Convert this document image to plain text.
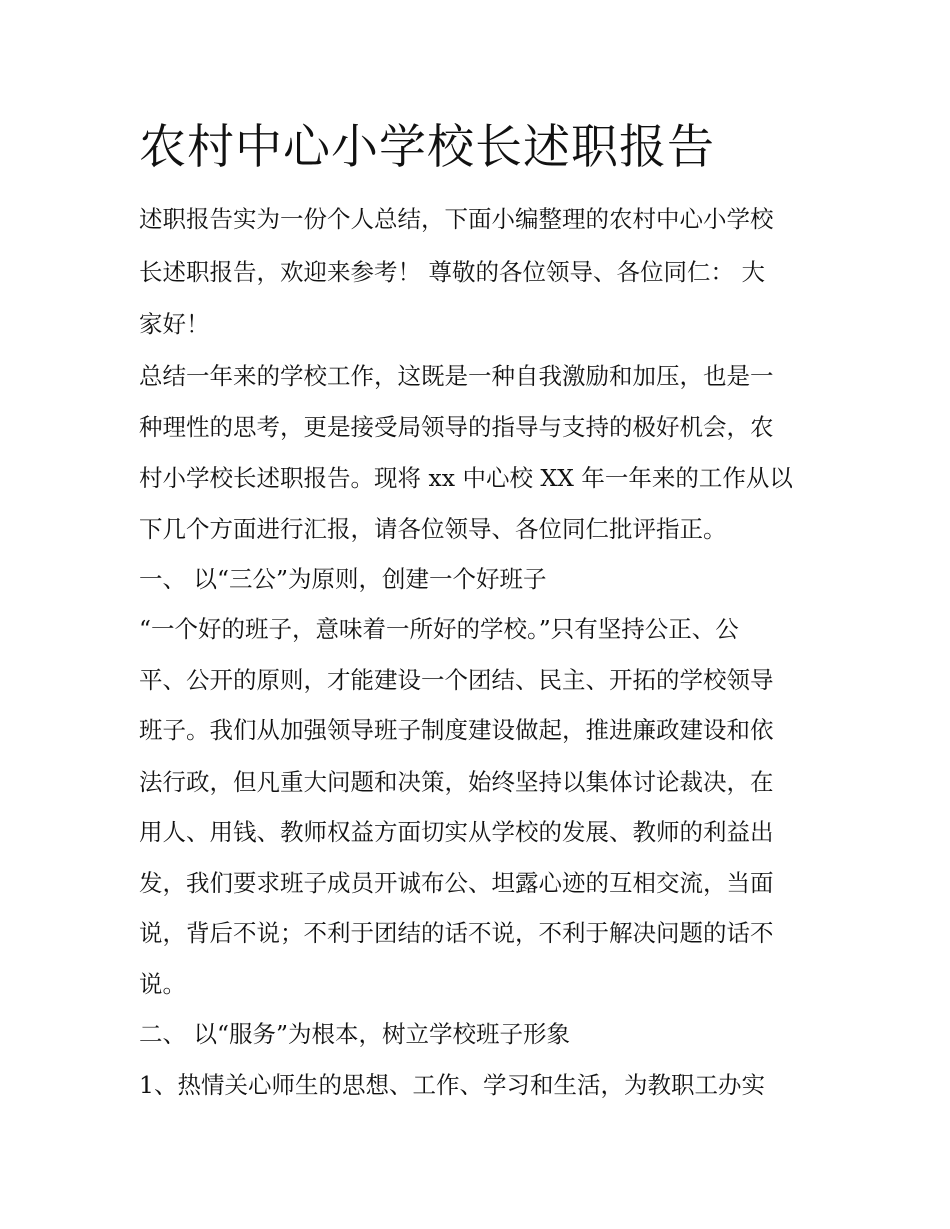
农村中心小学校长述职报告
述职报告实为一份个人总结，下面小编整理的农村中心小学校
长述职报告，欢迎来参考！ 尊敬的各位领导、各位同仁： 大
家好！
总结一年来的学校工作，这既是一种自我激励和加压，也是一
种理性的思考，更是接受局领导的指导与支持的极好机会，农
村小学校长述职报告。现将 xx 中心校 XX 年一年来的工作从以
下几个方面进行汇报，请各位领导、各位同仁批评指正。
一、 以“三公”为原则，创建一个好班子
“一个好的班子，意味着一所好的学校。”只有坚持公正、公
平、公开的原则，才能建设一个团结、民主、开拓的学校领导
班子。我们从加强领导班子制度建设做起，推进廉政建设和依
法行政，但凡重大问题和决策，始终坚持以集体讨论裁决，在
用人、用钱、教师权益方面切实从学校的发展、教师的利益出
发，我们要求班子成员开诚布公、坦露心迹的互相交流，当面
说，背后不说；不利于团结的话不说，不利于解决问题的话不
说。
二、 以“服务”为根本，树立学校班子形象
1、热情关心师生的思想、工作、学习和生活，为教职工办实
